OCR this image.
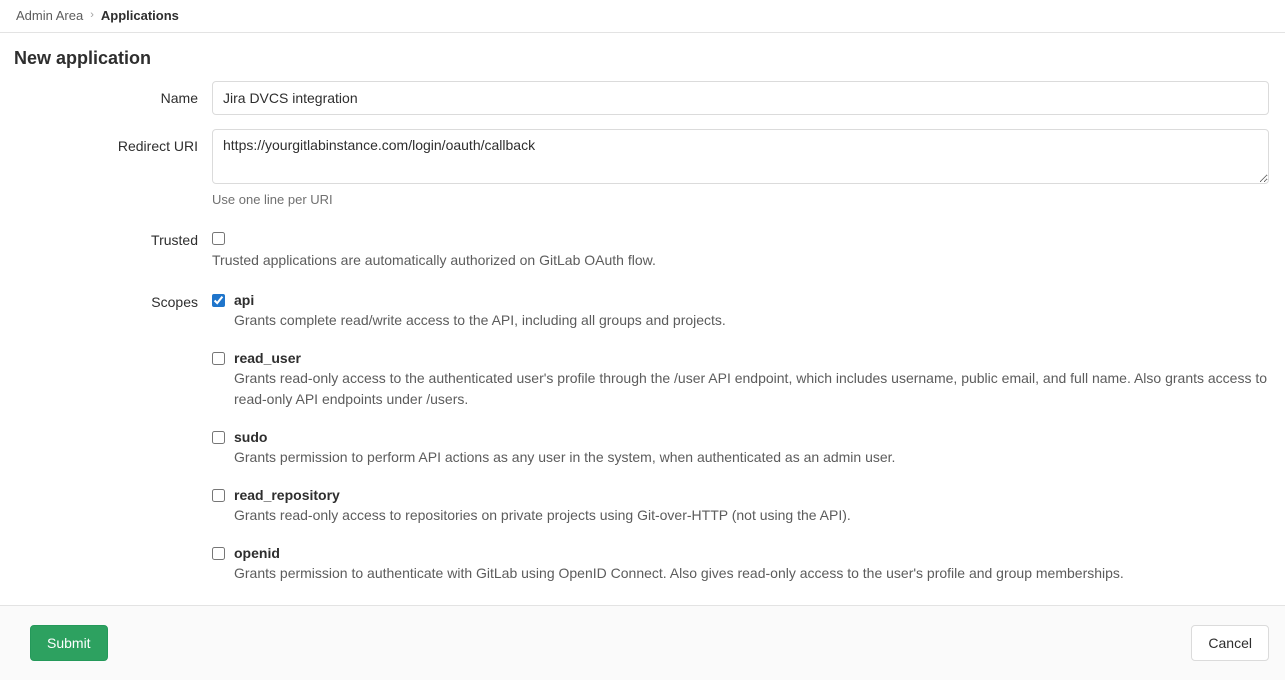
Admin Area › Applications
New application
Name
Jira DVCS integration
Redirect URI
https://yourgitlabinstance.com/login/oauth/callback
Use one line per URI
Trusted
Trusted applications are automatically authorized on GitLab OAuth flow.
Scopes	api
Grants complete read/write access to the API, including all groups and projects.
read_user
Grants read-only access to the authenticated user's profile through the /user API endpoint, which includes username, public email, and full name. Also grants access to read-only API endpoints under /users.
sudo
Grants permission to perform API actions as any user in the system, when authenticated as an admin user.
read_repository
Grants read-only access to repositories on private projects using Git-over-HTTP (not using the API).
openid
Grants permission to authenticate with GitLab using OpenID Connect. Also gives read-only access to the user's profile and group memberships.
Submit	Cancel
